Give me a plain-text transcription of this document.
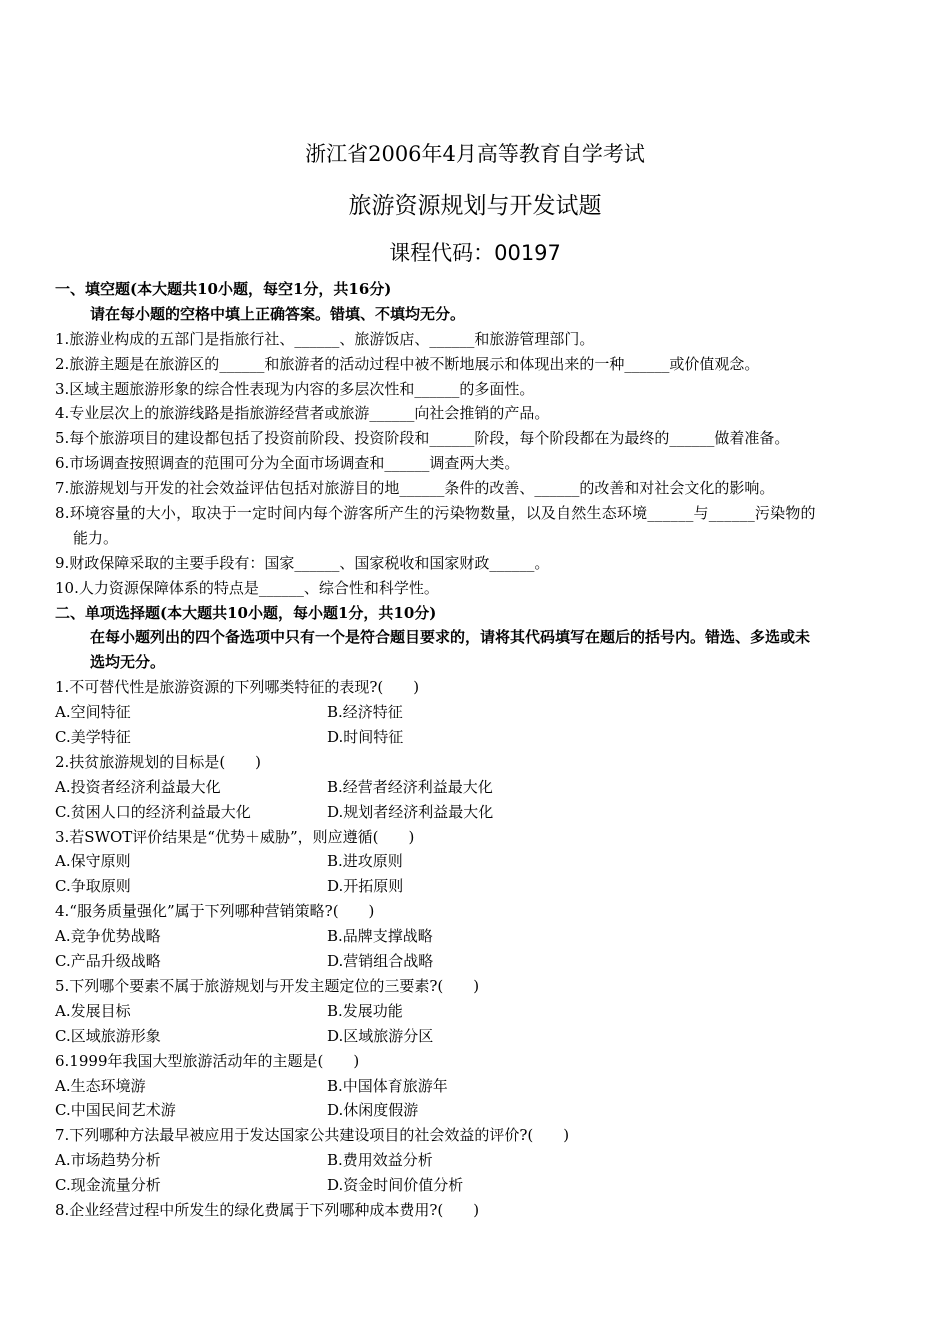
浙江省2006年4月高等教育自学考试
旅游资源规划与开发试题
课程代码：00197
一、填空题(本大题共10小题，每空1分，共16分)
请在每小题的空格中填上正确答案。错填、不填均无分。
1.旅游业构成的五部门是指旅行社、______、旅游饭店、______和旅游管理部门。
2.旅游主题是在旅游区的______和旅游者的活动过程中被不断地展示和体现出来的一种______或价值观念。
3.区域主题旅游形象的综合性表现为内容的多层次性和______的多面性。
4.专业层次上的旅游线路是指旅游经营者或旅游______向社会推销的产品。
5.每个旅游项目的建设都包括了投资前阶段、投资阶段和______阶段，每个阶段都在为最终的______做着准备。
6.市场调查按照调查的范围可分为全面市场调查和______调查两大类。
7.旅游规划与开发的社会效益评估包括对旅游目的地______条件的改善、______的改善和对社会文化的影响。
8.环境容量的大小，取决于一定时间内每个游客所产生的污染物数量，以及自然生态环境______与______污染物的
能力。
9.财政保障采取的主要手段有：国家______、国家税收和国家财政______。
10.人力资源保障体系的特点是______、综合性和科学性。
二、单项选择题(本大题共10小题，每小题1分，共10分)
在每小题列出的四个备选项中只有一个是符合题目要求的，请将其代码填写在题后的括号内。错选、多选或未
选均无分。
1.不可替代性是旅游资源的下列哪类特征的表现?(　　)
A.空间特征	B.经济特征
C.美学特征	D.时间特征
2.扶贫旅游规划的目标是(　　)
A.投资者经济利益最大化	B.经营者经济利益最大化
C.贫困人口的经济利益最大化	D.规划者经济利益最大化
3.若SWOT评价结果是“优势＋威胁”，则应遵循(　　)
A.保守原则	B.进攻原则
C.争取原则	D.开拓原则
4.“服务质量强化”属于下列哪种营销策略?(　　)
A.竞争优势战略	B.品牌支撑战略
C.产品升级战略	D.营销组合战略
5.下列哪个要素不属于旅游规划与开发主题定位的三要素?(　　)
A.发展目标	B.发展功能
C.区域旅游形象	D.区域旅游分区
6.1999年我国大型旅游活动年的主题是(　　)
A.生态环境游	B.中国体育旅游年
C.中国民间艺术游	D.休闲度假游
7.下列哪种方法最早被应用于发达国家公共建设项目的社会效益的评价?(　　)
A.市场趋势分析	B.费用效益分析
C.现金流量分析	D.资金时间价值分析
8.企业经营过程中所发生的绿化费属于下列哪种成本费用?(　　)
